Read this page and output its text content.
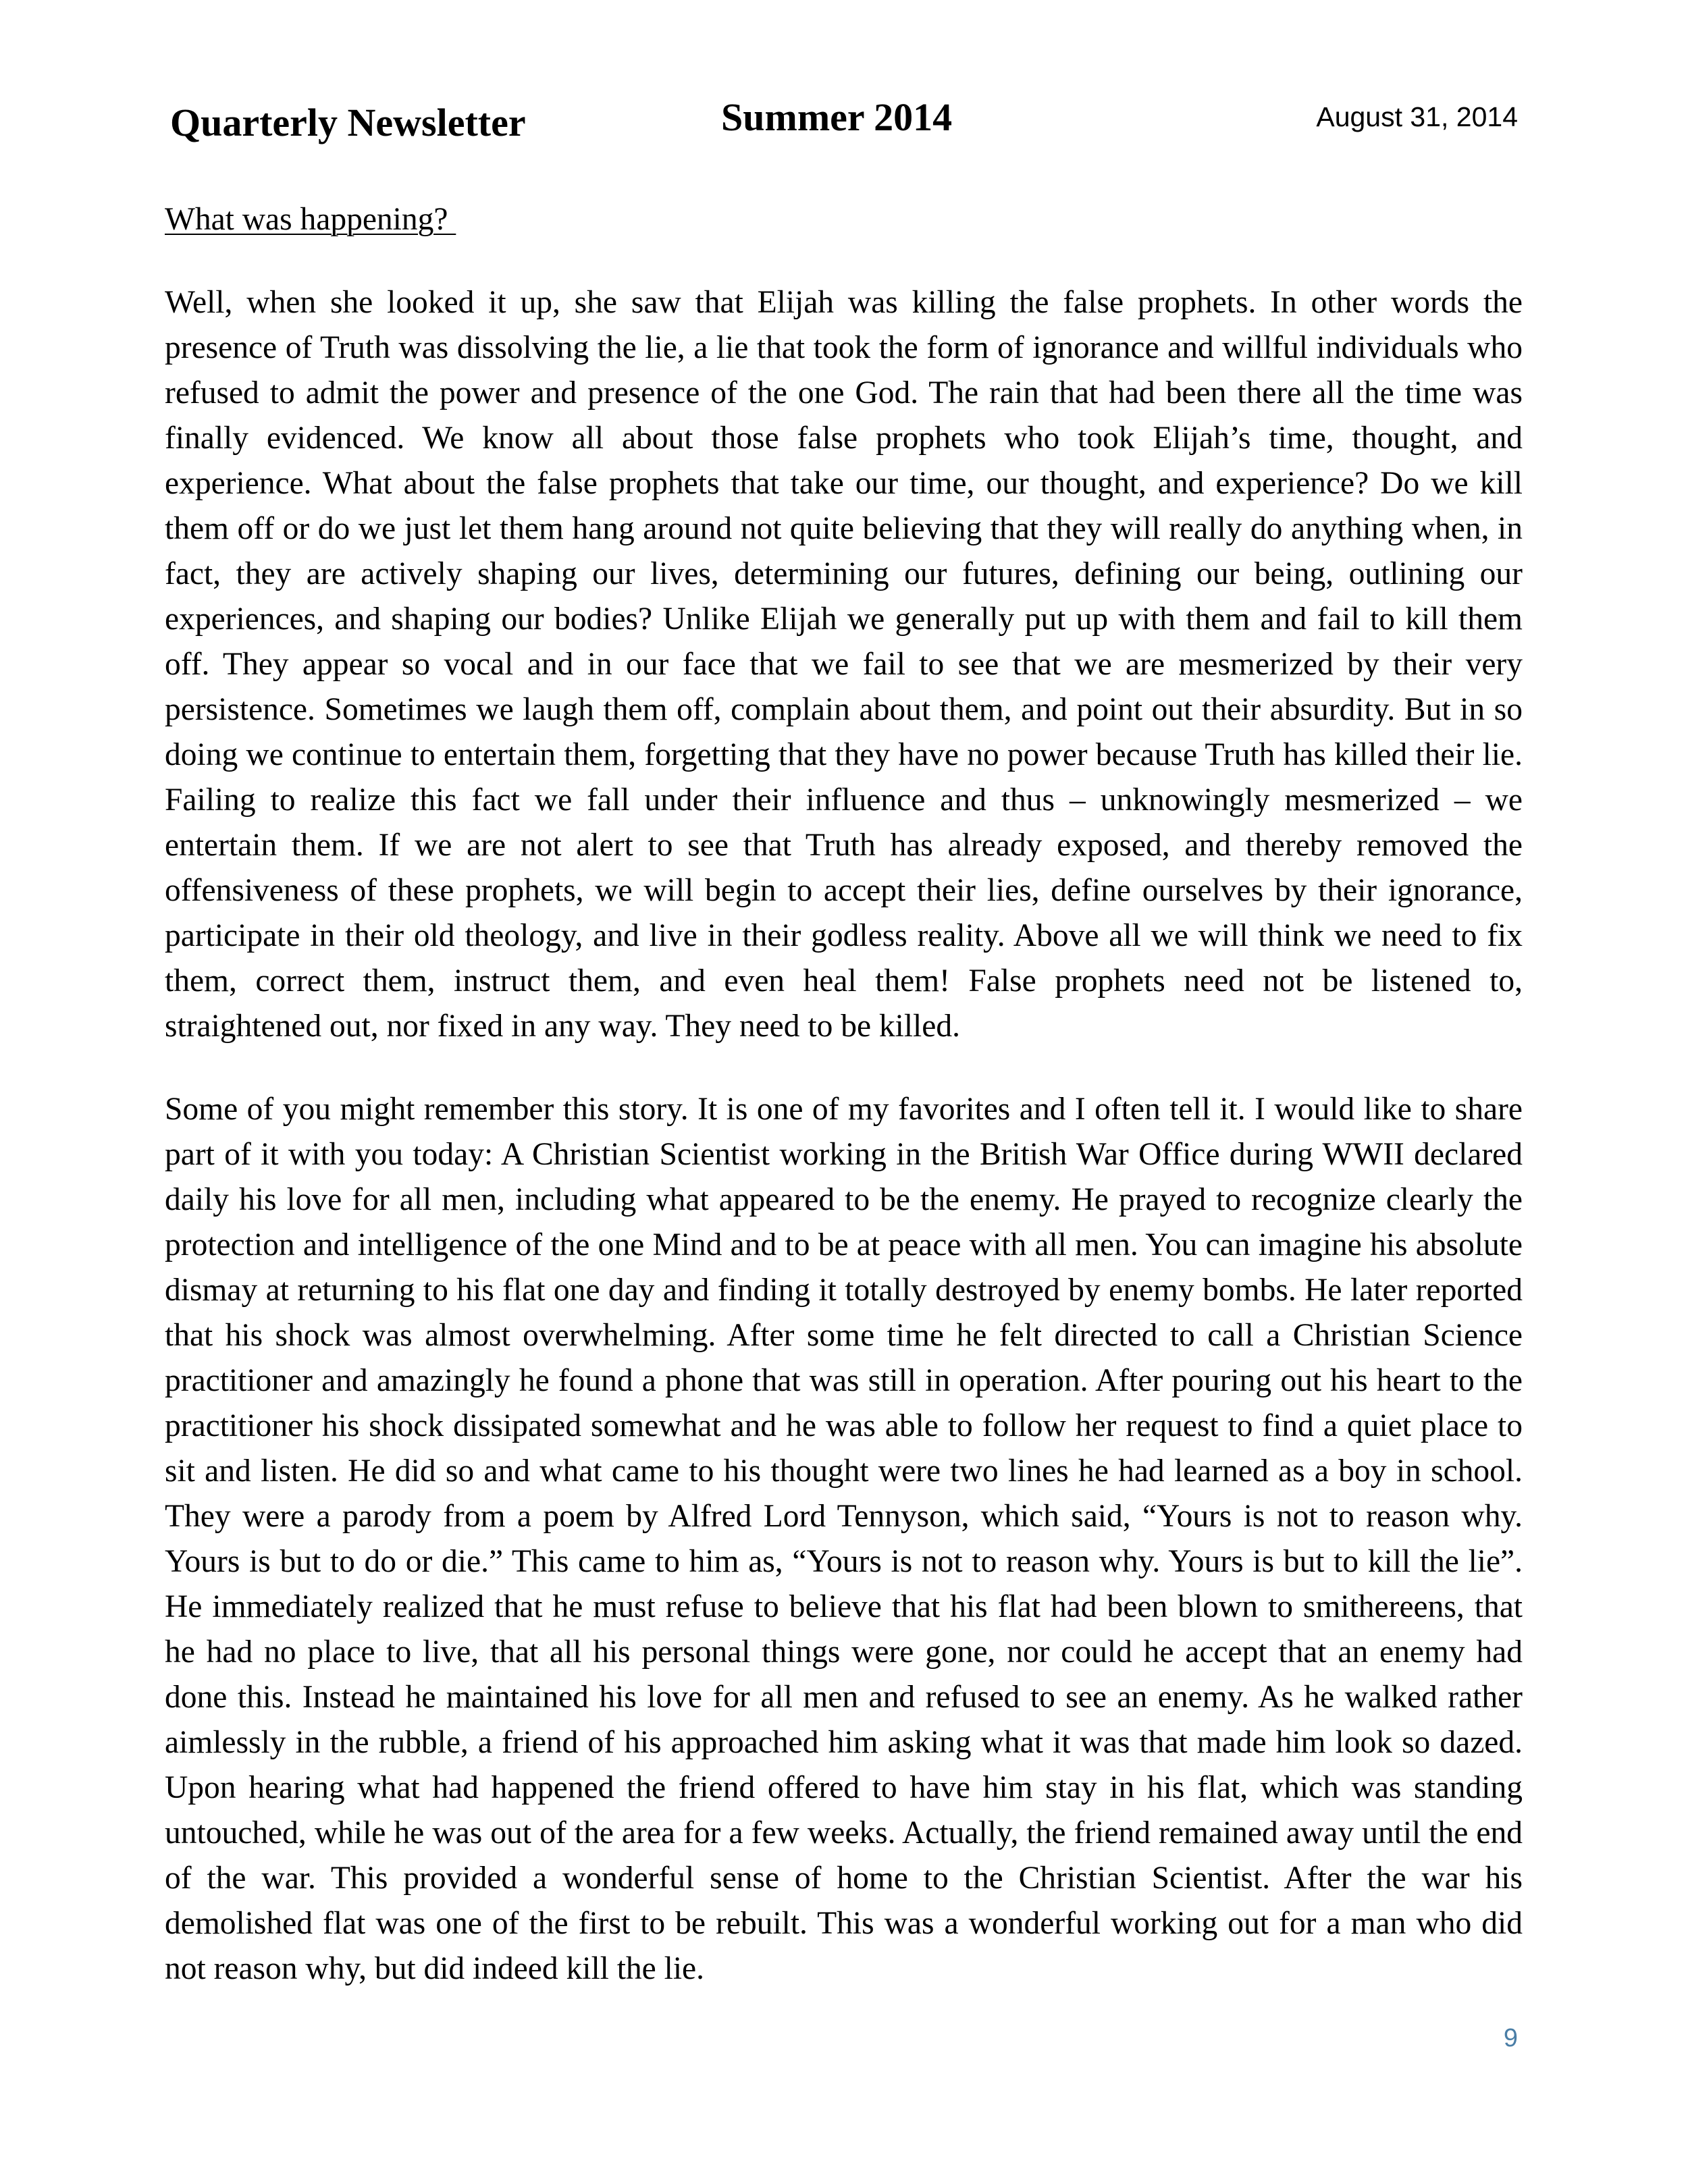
Quarterly Newsletter	Summer 2014	August 31, 2014
What was happening?

Well, when she looked it up, she saw that Elijah was killing the false prophets. In other words the presence of Truth was dissolving the lie, a lie that took the form of ignorance and willful individuals who refused to admit the power and presence of the one God. The rain that had been there all the time was finally evidenced. We know all about those false prophets who took Elijah’s time, thought, and experience. What about the false prophets that take our time, our thought, and experience? Do we kill them off or do we just let them hang around not quite believing that they will really do anything when, in fact, they are actively shaping our lives, determining our futures, defining our being, outlining our experiences, and shaping our bodies? Unlike Elijah we generally put up with them and fail to kill them off. They appear so vocal and in our face that we fail to see that we are mesmerized by their very persistence. Sometimes we laugh them off, complain about them, and point out their absurdity. But in so doing we continue to entertain them, forgetting that they have no power because Truth has killed their lie. Failing to realize this fact we fall under their influence and thus – unknowingly mesmerized – we entertain them. If we are not alert to see that Truth has already exposed, and thereby removed the offensiveness of these prophets, we will begin to accept their lies, define ourselves by their ignorance, participate in their old theology, and live in their godless reality. Above all we will think we need to fix them, correct them, instruct them, and even heal them! False prophets need not be listened to, straightened out, nor fixed in any way. They need to be killed.

Some of you might remember this story. It is one of my favorites and I often tell it. I would like to share part of it with you today: A Christian Scientist working in the British War Office during WWII declared daily his love for all men, including what appeared to be the enemy. He prayed to recognize clearly the protection and intelligence of the one Mind and to be at peace with all men. You can imagine his absolute dismay at returning to his flat one day and finding it totally destroyed by enemy bombs. He later reported that his shock was almost overwhelming. After some time he felt directed to call a Christian Science practitioner and amazingly he found a phone that was still in operation. After pouring out his heart to the practitioner his shock dissipated somewhat and he was able to follow her request to find a quiet place to sit and listen. He did so and what came to his thought were two lines he had learned as a boy in school. They were a parody from a poem by Alfred Lord Tennyson, which said, “Yours is not to reason why. Yours is but to do or die.” This came to him as, “Yours is not to reason why. Yours is but to kill the lie”. He immediately realized that he must refuse to believe that his flat had been blown to smithereens, that he had no place to live, that all his personal things were gone, nor could he accept that an enemy had done this. Instead he maintained his love for all men and refused to see an enemy. As he walked rather aimlessly in the rubble, a friend of his approached him asking what it was that made him look so dazed. Upon hearing what had happened the friend offered to have him stay in his flat, which was standing untouched, while he was out of the area for a few weeks. Actually, the friend remained away until the end of the war. This provided a wonderful sense of home to the Christian Scientist. After the war his demolished flat was one of the first to be rebuilt. This was a wonderful working out for a man who did not reason why, but did indeed kill the lie.

9
